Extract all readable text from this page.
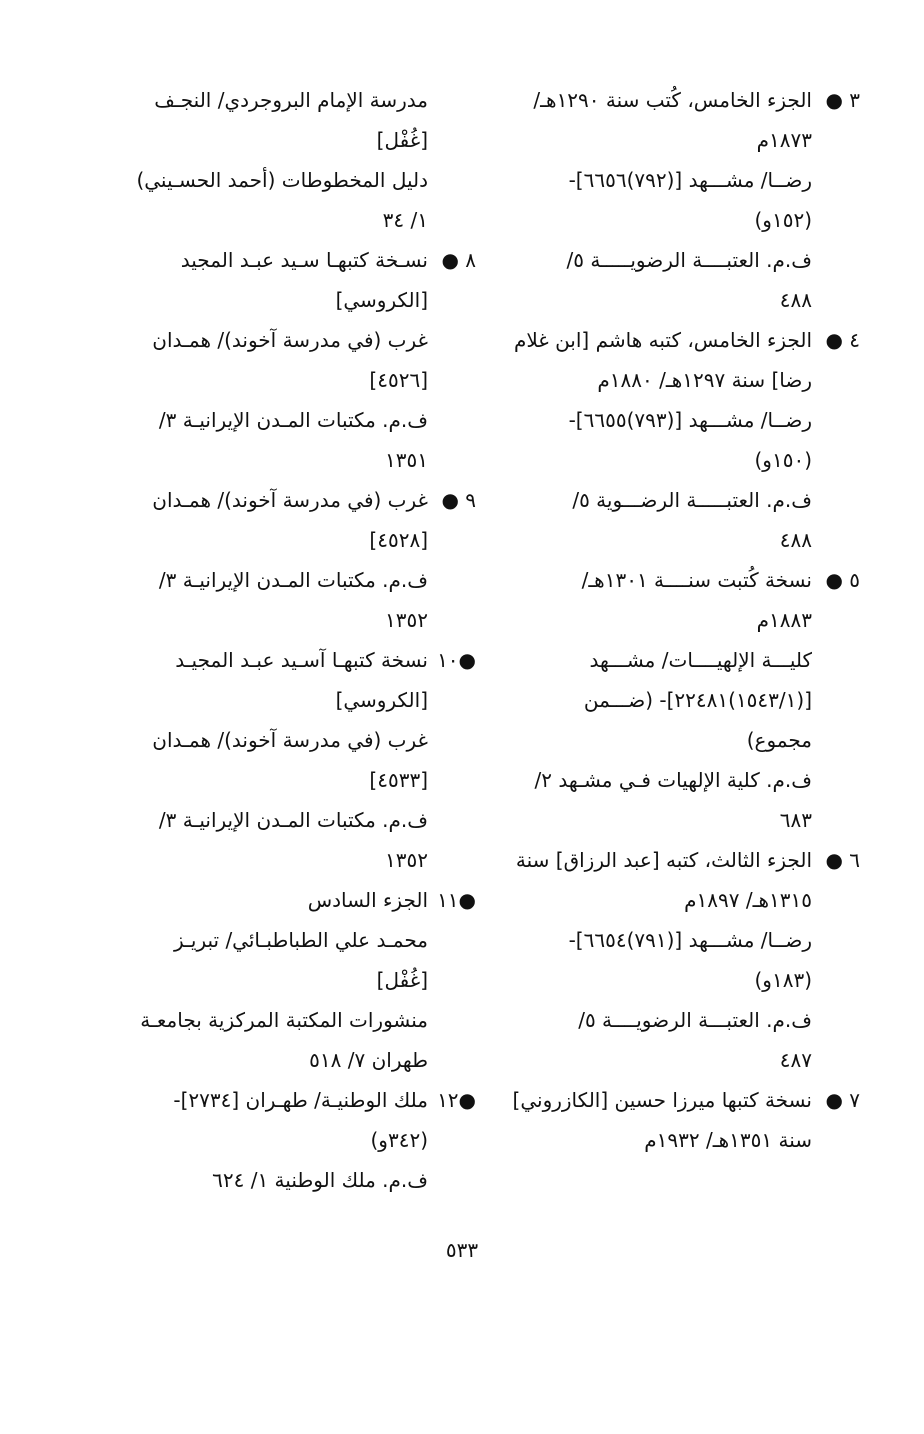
٣ ●
الجزء الخامس، كُتب سنة ١٢٩٠هـ/
١٨٧٣م
رضــا/ مشـــهد [(٧٩٢)٦٦٥٦]-
(١٥٢و)
ف.م. العتبــــة الرضويـــــة ٥/
٤٨٨
٤ ●
الجزء الخامس، كتبه هاشم [ابن غلام
رضا] سنة ١٢٩٧هـ/ ١٨٨٠م
رضــا/ مشـــهد [(٧٩٣)٦٦٥٥]-
(١٥٠و)
ف.م. العتبـــــة الرضـــوية ٥/
٤٨٨
٥ ●
نسخة كُتبت سنــــة ١٣٠١هـ/
١٨٨٣م
كليـــة الإلهيــــات/ مشـــهد
[(١٥٤٣/١)٢٢٤٨١]- (ضـــمن
مجموع)
ف.م. كلية الإلهيات فـي مشـهد ٢/
٦٨٣
٦ ●
الجزء الثالث، كتبه [عبد الرزاق] سنة
١٣١٥هـ/ ١٨٩٧م
رضــا/ مشـــهد [(٧٩١)٦٦٥٤]-
(١٨٣و)
ف.م. العتبـــة الرضويــــة ٥/
٤٨٧
٧ ●
نسخة كتبها ميرزا حسين [الكازروني]
سنة ١٣٥١هـ/ ١٩٣٢م
مدرسة الإمام البروجردي/ النجـف
[غُفْل]
دليل المخطوطات (أحمد الحسـيني)
١/ ٣٤
٨ ●
نسـخة كتبهـا سـيد عبـد المجيد
[الكروسي]
غرب (في مدرسة آخوند)/ همـدان
[٤٥٢٦]
ف.م. مكتبات المـدن الإيرانيـة ٣/
١٣٥١
٩ ●
غرب (في مدرسة آخوند)/ همـدان
[٤٥٢٨]
ف.م. مكتبات المـدن الإيرانيـة ٣/
١٣٥٢
●١٠
نسخة كتبهـا آسـيد عبـد المجيـد
[الكروسي]
غرب (في مدرسة آخوند)/ همـدان
[٤٥٣٣]
ف.م. مكتبات المـدن الإيرانيـة ٣/
١٣٥٢
●١١
الجزء السادس
محمـد علي الطباطبـائي/ تبريـز
[غُفْل]
منشورات المكتبة المركزية بجامعـة
طهران ٧/ ٥١٨
●١٢
ملك الوطنيـة/ طهـران [٢٧٣٤]-
(٣٤٢و)
ف.م. ملك الوطنية ١/ ٦٢٤
٥٣٣
